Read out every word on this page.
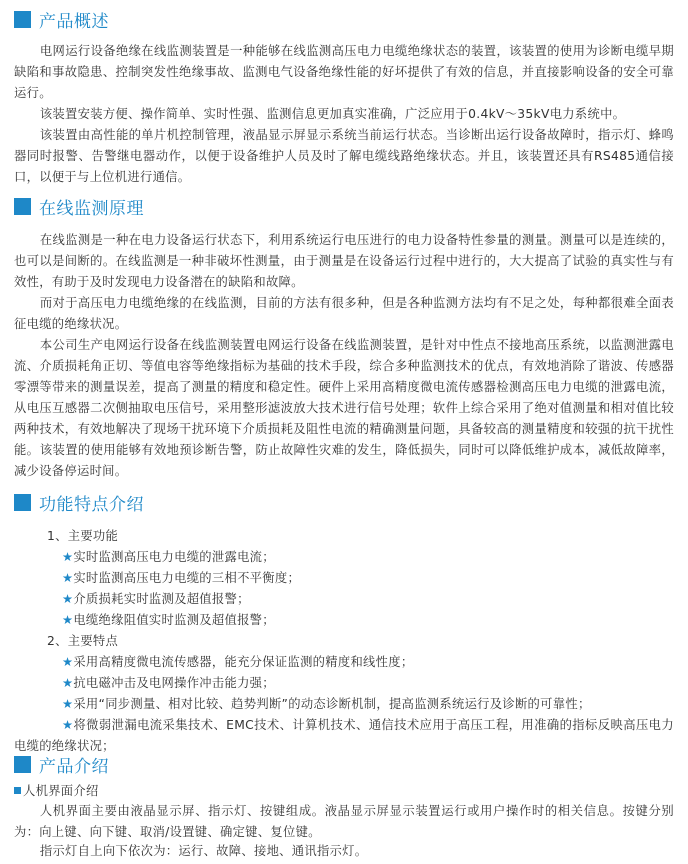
产品概述
电网运行设备绝缘在线监测装置是一种能够在线监测高压电力电缆绝缘状态的装置，该装置的使用为诊断电缆早期缺陷和事故隐患、控制突发性绝缘事故、监测电气设备绝缘性能的好坏提供了有效的信息，并直接影响设备的安全可靠运行。
该装置安装方便、操作简单、实时性强、监测信息更加真实准确，广泛应用于0.4kV～35kV电力系统中。
该装置由高性能的单片机控制管理，液晶显示屏显示系统当前运行状态。当诊断出运行设备故障时，指示灯、蜂鸣器同时报警、告警继电器动作，以便于设备维护人员及时了解电缆线路绝缘状态。并且，该装置还具有RS485通信接口，以便于与上位机进行通信。
在线监测原理
在线监测是一种在电力设备运行状态下，利用系统运行电压进行的电力设备特性参量的测量。测量可以是连续的，也可以是间断的。在线监测是一种非破坏性测量，由于测量是在设备运行过程中进行的，大大提高了试验的真实性与有效性，有助于及时发现电力设备潜在的缺陷和故障。
而对于高压电力电缆绝缘的在线监测，目前的方法有很多种，但是各种监测方法均有不足之处，每种都很难全面表征电缆的绝缘状况。
本公司生产电网运行设备在线监测装置电网运行设备在线监测装置，是针对中性点不接地高压系统，以监测泄露电流、介质损耗角正切、等值电容等绝缘指标为基础的技术手段，综合多种监测技术的优点，有效地消除了谐波、传感器零漂等带来的测量误差，提高了测量的精度和稳定性。硬件上采用高精度微电流传感器检测高压电力电缆的泄露电流，从电压互感器二次侧抽取电压信号，采用整形滤波放大技术进行信号处理；软件上综合采用了绝对值测量和相对值比较两种技术，有效地解决了现场干扰环境下介质损耗及阻性电流的精确测量问题，具备较高的测量精度和较强的抗干扰性能。 该装置的使用能够有效地预诊断告警，防止故障性灾难的发生，降低损失，同时可以降低维护成本，减低故障率，减少设备停运时间。
功能特点介绍
1、主要功能
★实时监测高压电力电缆的泄露电流；
★实时监测高压电力电缆的三相不平衡度；
★介质损耗实时监测及超值报警；
★电缆绝缘阻值实时监测及超值报警；
2、主要特点
★采用高精度微电流传感器，能充分保证监测的精度和线性度；
★抗电磁冲击及电网操作冲击能力强；
★采用“同步测量、相对比较、趋势判断”的动态诊断机制，提高监测系统运行及诊断的可靠性；
★将微弱泄漏电流采集技术、EMC技术、计算机技术、通信技术应用于高压工程，用准确的指标反映高压电力电缆的绝缘状况；
产品介绍
人机界面介绍
人机界面主要由液晶显示屏、指示灯、按键组成。液晶显示屏显示装置运行或用户操作时的相关信息。按键分别为：向上键、向下键、取消/设置键、确定键、复位键。
指示灯自上向下依次为：运行、故障、接地、通讯指示灯。
